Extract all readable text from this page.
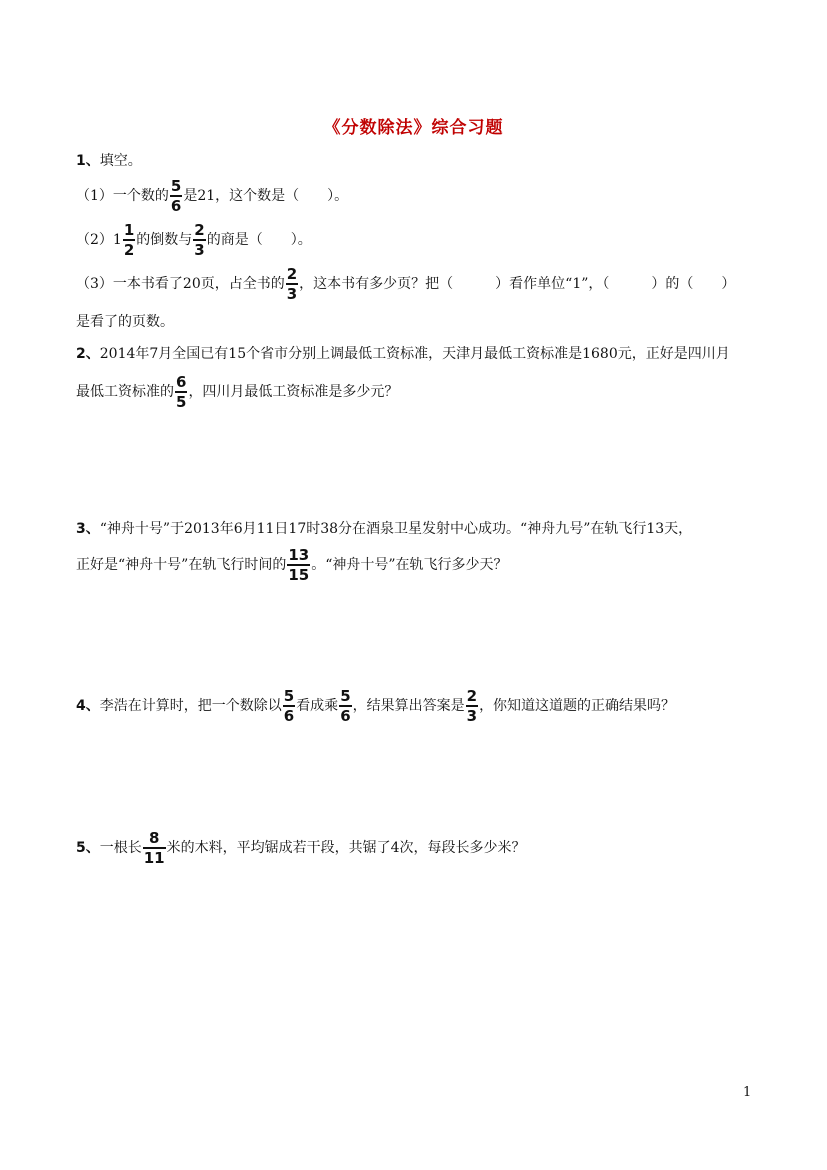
《分数除法》综合习题
1、填空。
（1）一个数的 $\frac{5}{6}$ 是21，这个数是（　　）。
$(2)1 \frac{1}{2}$ 的倒数与 $\frac{2}{3}$ 的商是（　　）。
（3）一本书看了20页，占全书的 $\frac{2}{3}$ ，这本书有多少页？把（　　　）看作单位“1”，（　　　）的（　　）
是看了的页数。
2、2014年7月全国已有15个省市分别上调最低工资标准，天津月最低工资标准是1680元，正好是四川月
最低工资标准的 $\frac{6}{5}$ ，四川月最低工资标准是多少元？
3、“神舟十号”于2013年6月11日17时38分在酒泉卫星发射中心成功。“神舟九号”在轨飞行13天，
正好是“神舟十号”在轨飞行时间的 $\frac{13}{15}$ 。“神舟十号”在轨飞行多少天？
4、李浩在计算时，把一个数除以 $\frac{5}{6}$ 看成乘 $\frac{5}{6}$ ，结果算出答案是 $\frac{2}{3}$ ，你知道这道题的正确结果吗？
5、一根长 $\frac{8}{11}$ 米的木料，平均锯成若干段，共锯了4次，每段长多少米？
1
